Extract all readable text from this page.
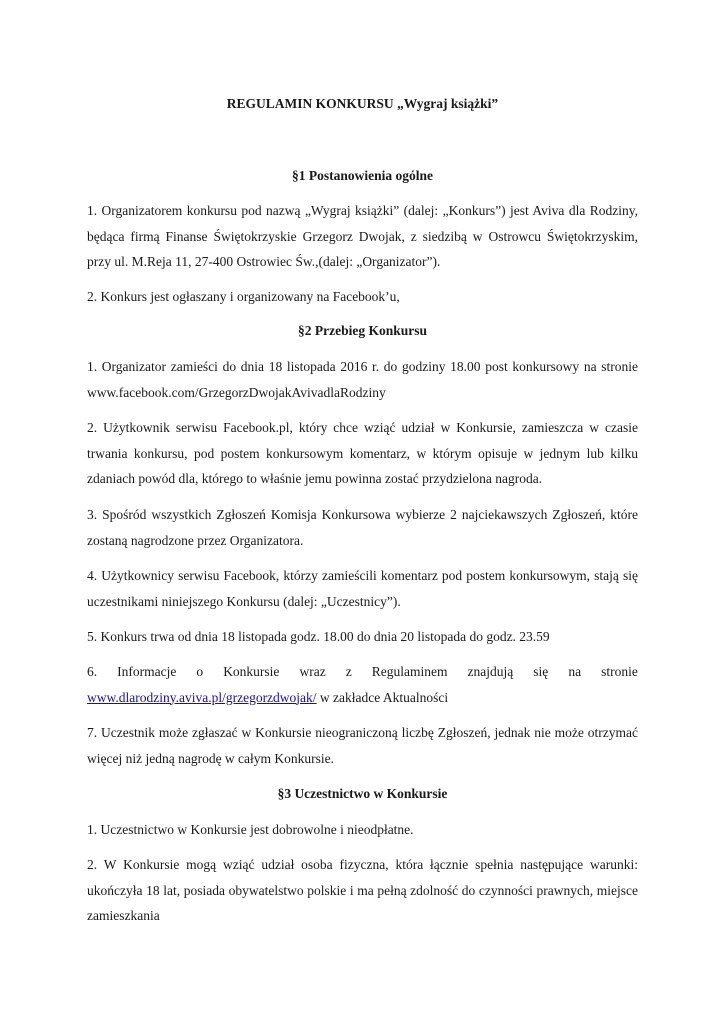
REGULAMIN KONKURSU „Wygraj książki”
§1 Postanowienia ogólne

1. Organizatorem konkursu pod nazwą „Wygraj książki” (dalej: „Konkurs”) jest Aviva dla Rodziny, będąca firmą Finanse Świętokrzyskie Grzegorz Dwojak, z siedzibą w Ostrowcu Świętokrzyskim, przy ul. M.Reja 11, 27-400 Ostrowiec Św.,(dalej: „Organizator”).

2. Konkurs jest ogłaszany i organizowany na Facebook’u,

§2 Przebieg Konkursu

1. Organizator zamieści do dnia 18 listopada 2016 r. do godziny 18.00 post konkursowy na stronie www.facebook.com/GrzegorzDwojakAvivadlaRodziny

2. Użytkownik serwisu Facebook.pl, który chce wziąć udział w Konkursie, zamieszcza w czasie trwania konkursu, pod postem konkursowym komentarz, w którym opisuje w jednym lub kilku zdaniach powód dla, którego to właśnie jemu powinna zostać przydzielona nagroda.

3. Spośród wszystkich Zgłoszeń Komisja Konkursowa wybierze 2 najciekawszych Zgłoszeń, które zostaną nagrodzone przez Organizatora.

4. Użytkownicy serwisu Facebook, którzy zamieścili komentarz pod postem konkursowym, stają się uczestnikami niniejszego Konkursu (dalej: „Uczestnicy”).

5. Konkurs trwa od dnia 18 listopada godz. 18.00 do dnia 20 listopada do godz. 23.59

6. Informacje o Konkursie wraz z Regulaminem znajdują się na stronie
www.dlarodziny.aviva.pl/grzegorzdwojak/ w zakładce Aktualności

7. Uczestnik może zgłaszać w Konkursie nieograniczoną liczbę Zgłoszeń, jednak nie może otrzymać więcej niż jedną nagrodę w całym Konkursie.

§3 Uczestnictwo w Konkursie

1. Uczestnictwo w Konkursie jest dobrowolne i nieodpłatne.

2. W Konkursie mogą wziąć udział osoba fizyczna, która łącznie spełnia następujące warunki: ukończyła 18 lat, posiada obywatelstwo polskie i ma pełną zdolność do czynności prawnych, miejsce zamieszkania
